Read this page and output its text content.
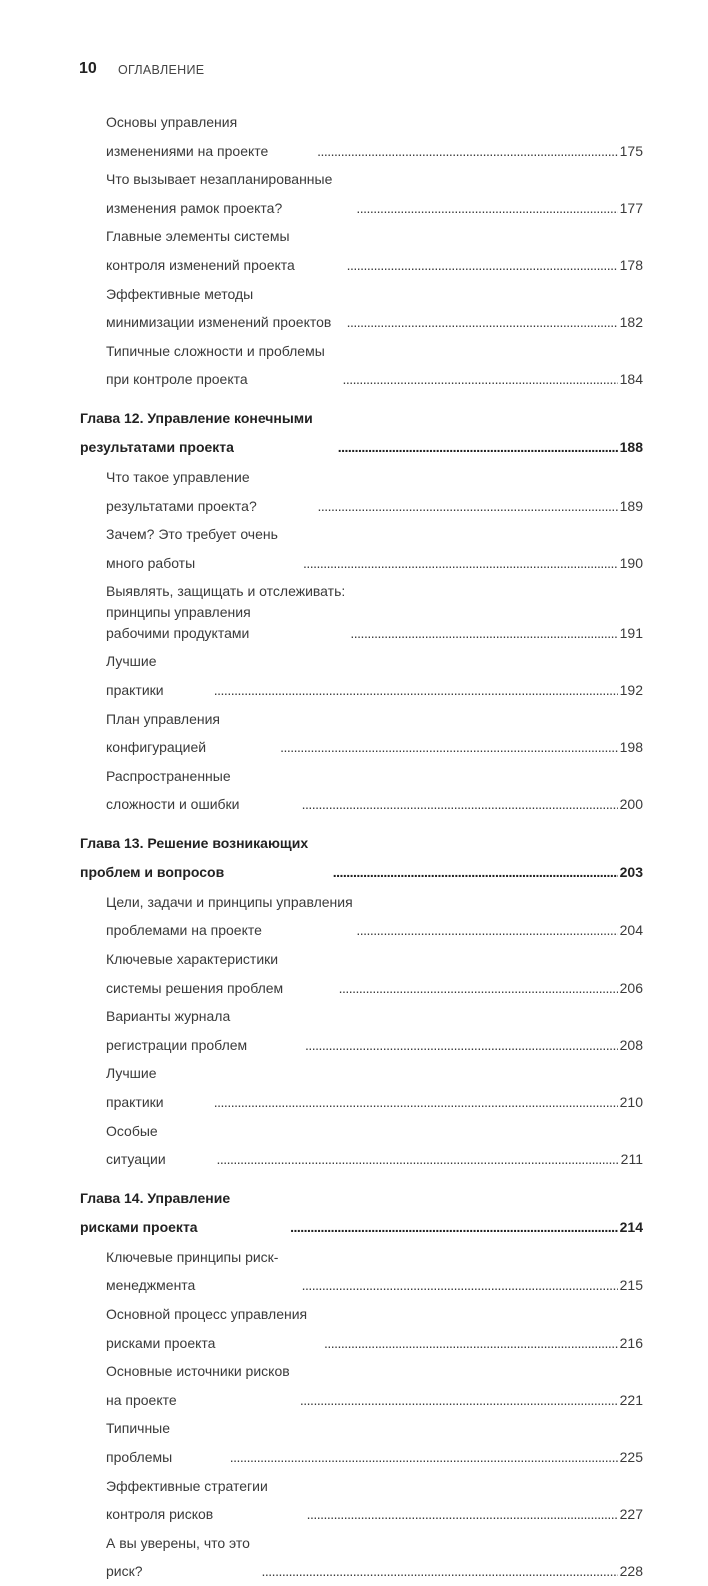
10 ОГЛАВЛЕНИЕ
Основы управления изменениями на проекте . . .	175
Что вызывает незапланированные изменения рамок проекта? . . .	177
Главные элементы системы контроля изменений проекта . . .	178
Эффективные методы минимизации изменений проектов . . .	182
Типичные сложности и проблемы при контроле проекта . . .	184
Глава 12. Управление конечными результатами проекта . . .	188
Что такое управление результатами проекта? . . .	189
Зачем? Это требует очень много работы . . .	190
Выявлять, защищать и отслеживать: принципы управления
рабочими продуктами . . .	191
Лучшие практики . . .	192
План управления конфигурацией . . .	198
Распространенные сложности и ошибки . . .	200
Глава 13. Решение возникающих проблем и вопросов . . .	203
Цели, задачи и принципы управления проблемами на проекте . . .	204
Ключевые характеристики системы решения проблем . . .	206
Варианты журнала регистрации проблем . . .	208
Лучшие практики . . .	210
Особые ситуации . . .	211
Глава 14. Управление рисками проекта . . .	214
Ключевые принципы риск-менеджмента . . .	215
Основной процесс управления рисками проекта . . .	216
Основные источники рисков на проекте . . .	221
Типичные проблемы . . .	225
Эффективные стратегии контроля рисков . . .	227
А вы уверены, что это риск? . . .	228
